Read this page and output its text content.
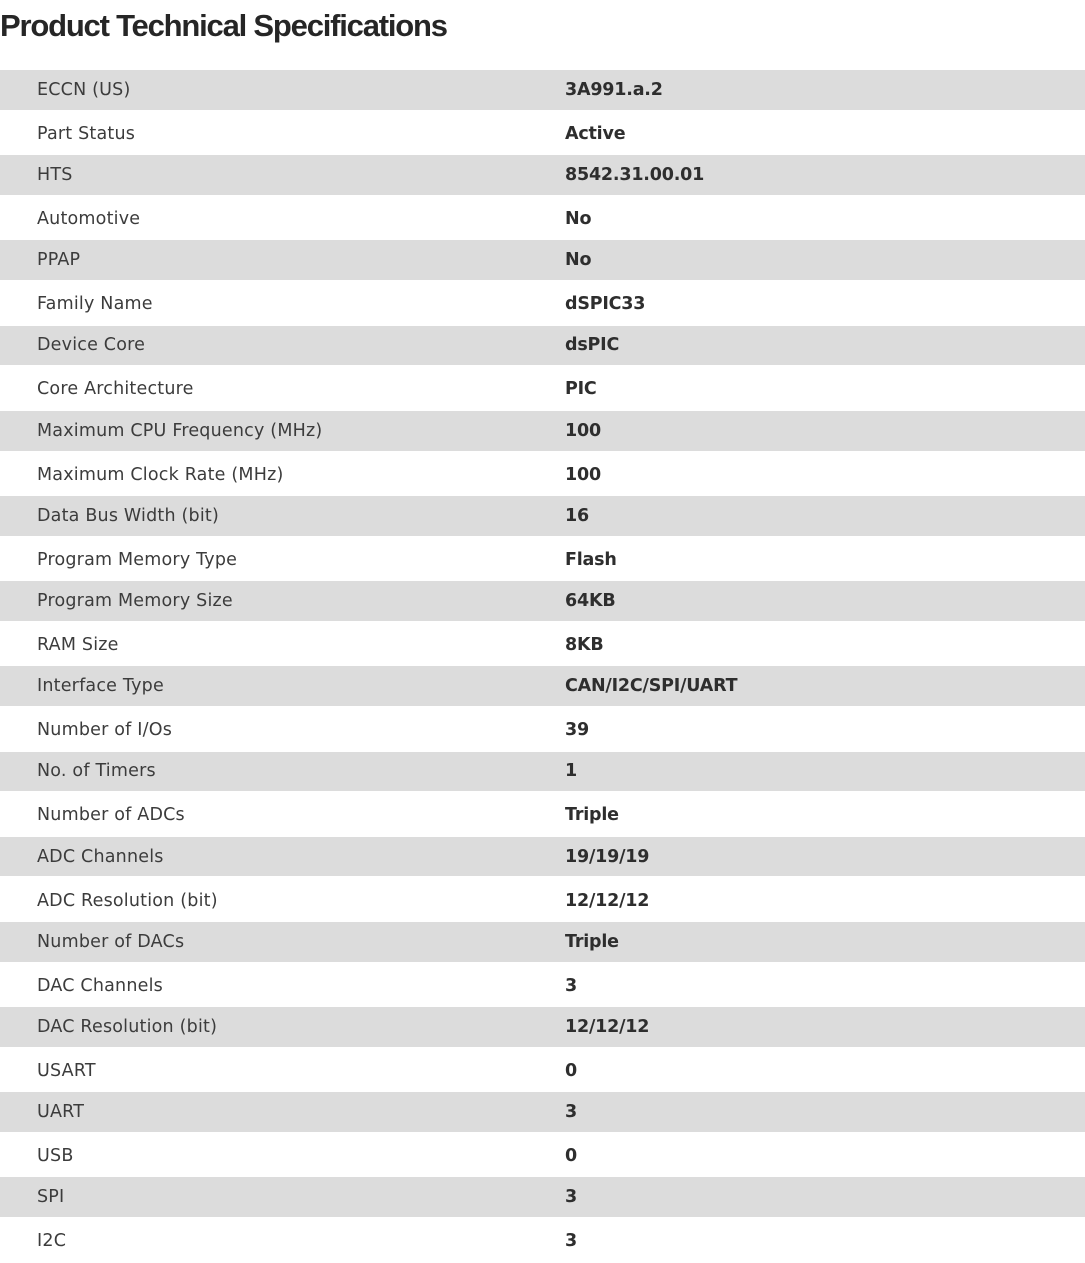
Product Technical Specifications
ECCN (US)	3A991.a.2
Part Status	Active
HTS	8542.31.00.01
Automotive	No
PPAP	No
Family Name	dSPIC33
Device Core	dsPIC
Core Architecture	PIC
Maximum CPU Frequency (MHz)	100
Maximum Clock Rate (MHz)	100
Data Bus Width (bit)	16
Program Memory Type	Flash
Program Memory Size	64KB
RAM Size	8KB
Interface Type	CAN/I2C/SPI/UART
Number of I/Os	39
No. of Timers	1
Number of ADCs	Triple
ADC Channels	19/19/19
ADC Resolution (bit)	12/12/12
Number of DACs	Triple
DAC Channels	3
DAC Resolution (bit)	12/12/12
USART	0
UART	3
USB	0
SPI	3
I2C	3
